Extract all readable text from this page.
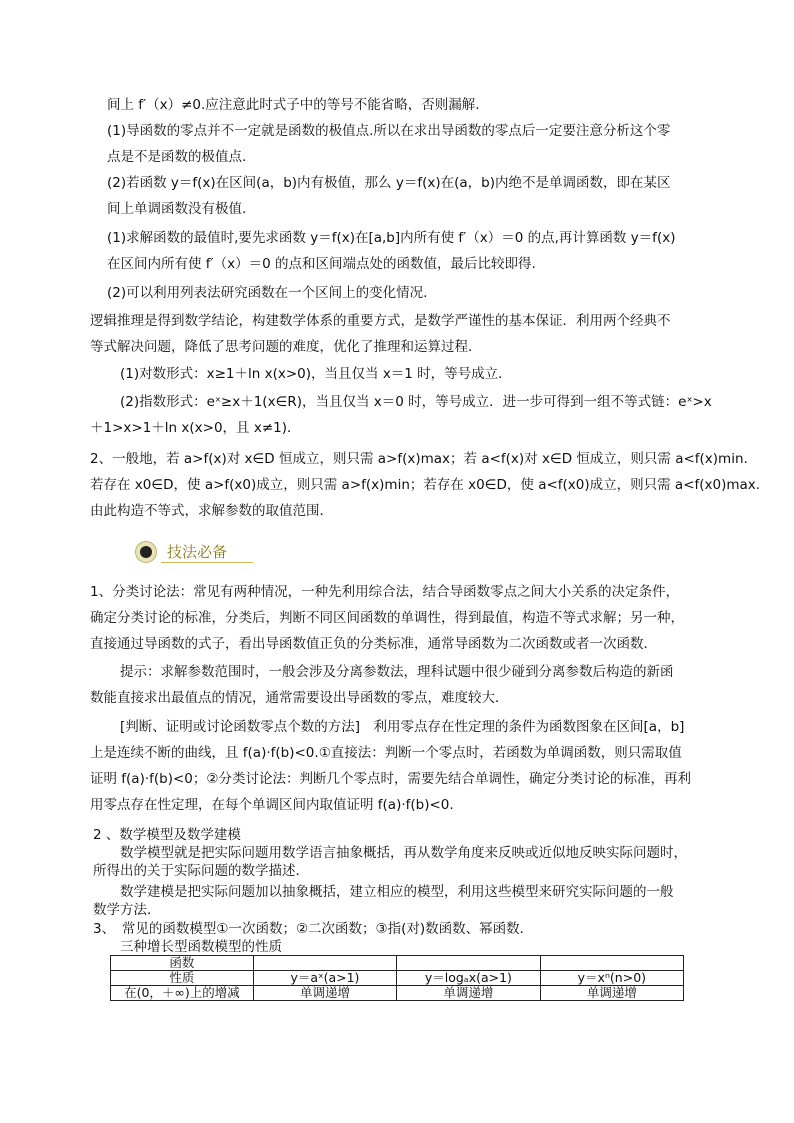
间上 f′（x）≠0.应注意此时式子中的等号不能省略，否则漏解.
(1)导函数的零点并不一定就是函数的极值点.所以在求出导函数的零点后一定要注意分析这个零
点是不是函数的极值点.
(2)若函数 y＝f(x)在区间(a，b)内有极值，那么 y＝f(x)在(a，b)内绝不是单调函数，即在某区
间上单调函数没有极值.
(1)求解函数的最值时,要先求函数 y＝f(x)在[a,b]内所有使 f′（x）＝0 的点,再计算函数 y＝f(x)
在区间内所有使 f′（x）＝0 的点和区间端点处的函数值，最后比较即得.
(2)可以利用列表法研究函数在一个区间上的变化情况.
逻辑推理是得到数学结论，构建数学体系的重要方式，是数学严谨性的基本保证．利用两个经典不
等式解决问题，降低了思考问题的难度，优化了推理和运算过程．
(1)对数形式：x≥1＋ln x(x>0)，当且仅当 x＝1 时，等号成立．
(2)指数形式：eˣ≥x＋1(x∈R)，当且仅当 x＝0 时，等号成立．进一步可得到一组不等式链：eˣ>x
＋1>x>1＋ln x(x>0，且 x≠1)．
2、一般地，若 a>f(x)对 x∈D 恒成立，则只需 a>f(x)max；若 a<f(x)对 x∈D 恒成立，则只需 a<f(x)min.
若存在 x0∈D，使 a>f(x0)成立，则只需 a>f(x)min；若存在 x0∈D，使 a<f(x0)成立，则只需 a<f(x0)max.
由此构造不等式，求解参数的取值范围．
技法必备
1、分类讨论法：常见有两种情况，一种先利用综合法，结合导函数零点之间大小关系的决定条件，
确定分类讨论的标准，分类后，判断不同区间函数的单调性，得到最值，构造不等式求解；另一种，
直接通过导函数的式子，看出导函数值正负的分类标准，通常导函数为二次函数或者一次函数．
提示：求解参数范围时，一般会涉及分离参数法，理科试题中很少碰到分离参数后构造的新函
数能直接求出最值点的情况，通常需要设出导函数的零点，难度较大．
[判断、证明或讨论函数零点个数的方法]　利用零点存在性定理的条件为函数图象在区间[a，b]
上是连续不断的曲线，且 f(a)·f(b)<0.①直接法：判断一个零点时，若函数为单调函数，则只需取值
证明 f(a)·f(b)<0；②分类讨论法：判断几个零点时，需要先结合单调性，确定分类讨论的标准，再利
用零点存在性定理，在每个单调区间内取值证明 f(a)·f(b)<0.
2 、数学模型及数学建模
数学模型就是把实际问题用数学语言抽象概括，再从数学角度来反映或近似地反映实际问题时，
所得出的关于实际问题的数学描述．
数学建模是把实际问题加以抽象概括，建立相应的模型，利用这些模型来研究实际问题的一般
数学方法．
3、　常见的函数模型①一次函数；②二次函数；③指(对)数函数、幂函数．
三种增长型函数模型的性质
函数			
性质	y＝aˣ(a>1)	y＝logₐx(a>1)	y＝xⁿ(n>0)
在(0，＋∞)上的增减	单调递增	单调递增	单调递增
